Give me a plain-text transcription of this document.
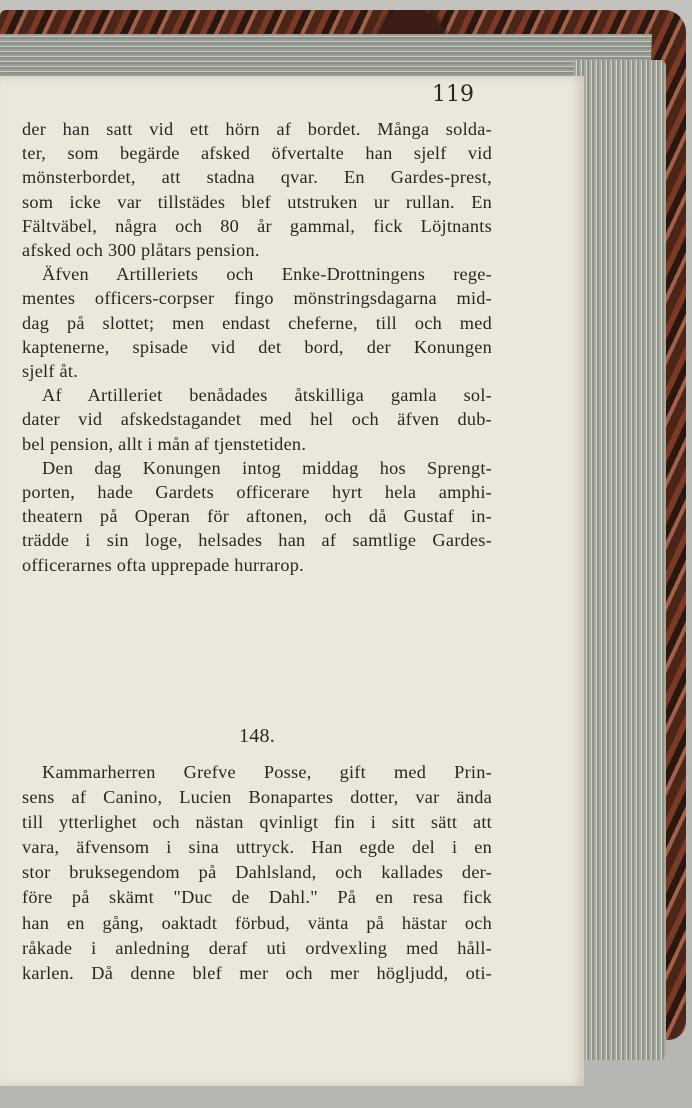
119

der han satt vid ett hörn af bordet. Många solda-
ter, som begärde afsked öfvertalte han sjelf vid
mönsterbordet, att stadna qvar. En Gardes-prest,
som icke var tillstädes blef utstruken ur rullan. En
Fältväbel, några och 80 år gammal, fick Löjtnants
afsked och 300 plåtars pension.

Äfven Artilleriets och Enke-Drottningens rege-
mentes officers-corpser fingo mönstringsdagarna mid-
dag på slottet; men endast cheferne, till och med
kaptenerne, spisade vid det bord, der Konungen
sjelf åt.

Af Artilleriet benådades åtskilliga gamla sol-
dater vid afskedstagandet med hel och äfven dub-
bel pension, allt i mån af tjenstetiden.

Den dag Konungen intog middag hos Sprengt-
porten, hade Gardets officerare hyrt hela amphi-
theatern på Operan för aftonen, och då Gustaf in-
trädde i sin loge, helsades han af samtlige Gardes-
officerarnes ofta upprepade hurrarop.

148.

Kammarherren Grefve Posse, gift med Prin-
sens af Canino, Lucien Bonapartes dotter, var ända
till ytterlighet och nästan qvinligt fin i sitt sätt att
vara, äfvensom i sina uttryck. Han egde del i en
stor bruksegendom på Dahlsland, och kallades der-
före på skämt "Duc de Dahl." På en resa fick
han en gång, oaktadt förbud, vänta på hästar och
råkade i anledning deraf uti ordvexling med håll-
karlen. Då denne blef mer och mer högljudd, oti-
